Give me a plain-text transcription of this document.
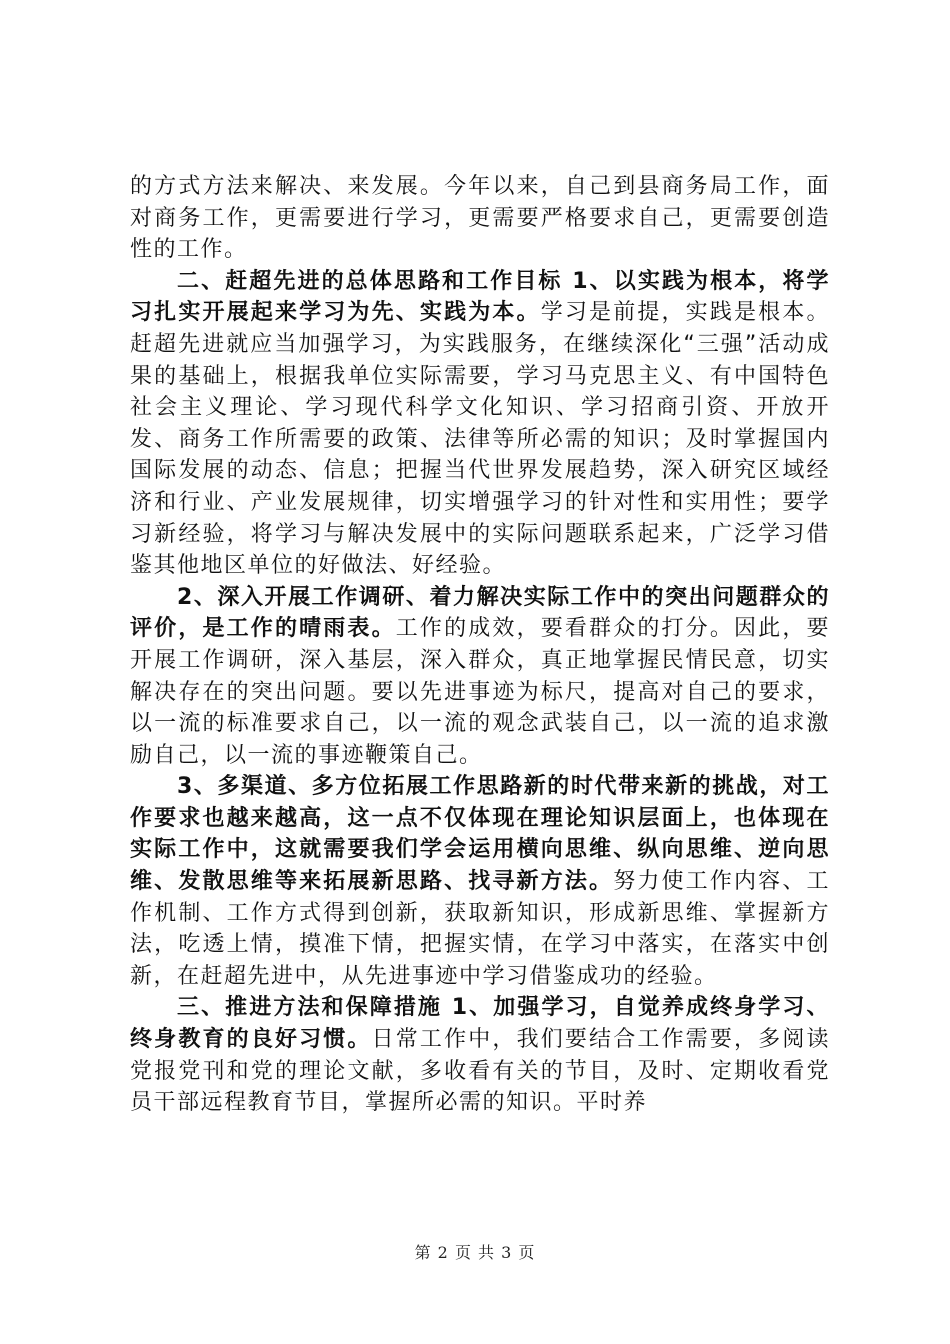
的方式方法来解决、来发展。今年以来，自己到县商务局工作，面对商务工作，更需要进行学习，更需要严格要求自己，更需要创造性的工作。

二、赶超先进的总体思路和工作目标 1、以实践为根本，将学习扎实开展起来学习为先、实践为本。学习是前提，实践是根本。赶超先进就应当加强学习，为实践服务，在继续深化“三强”活动成果的基础上，根据我单位实际需要，学习马克思主义、有中国特色社会主义理论、学习现代科学文化知识、学习招商引资、开放开发、商务工作所需要的政策、法律等所必需的知识；及时掌握国内国际发展的动态、信息；把握当代世界发展趋势，深入研究区域经济和行业、产业发展规律，切实增强学习的针对性和实用性；要学习新经验，将学习与解决发展中的实际问题联系起来，广泛学习借鉴其他地区单位的好做法、好经验。

2、深入开展工作调研、着力解决实际工作中的突出问题群众的评价，是工作的晴雨表。工作的成效，要看群众的打分。因此，要开展工作调研，深入基层，深入群众，真正地掌握民情民意，切实解决存在的突出问题。要以先进事迹为标尺，提高对自己的要求，以一流的标准要求自己，以一流的观念武装自己，以一流的追求激励自己，以一流的事迹鞭策自己。

3、多渠道、多方位拓展工作思路新的时代带来新的挑战，对工作要求也越来越高，这一点不仅体现在理论知识层面上，也体现在实际工作中，这就需要我们学会运用横向思维、纵向思维、逆向思维、发散思维等来拓展新思路、找寻新方法。努力使工作内容、工作机制、工作方式得到创新，获取新知识，形成新思维、掌握新方法，吃透上情，摸准下情，把握实情，在学习中落实，在落实中创新，在赶超先进中，从先进事迹中学习借鉴成功的经验。

三、推进方法和保障措施 1、加强学习，自觉养成终身学习、终身教育的良好习惯。日常工作中，我们要结合工作需要，多阅读党报党刊和党的理论文献，多收看有关的节目，及时、定期收看党员干部远程教育节目，掌握所必需的知识。平时养

第 2 页 共 3 页
